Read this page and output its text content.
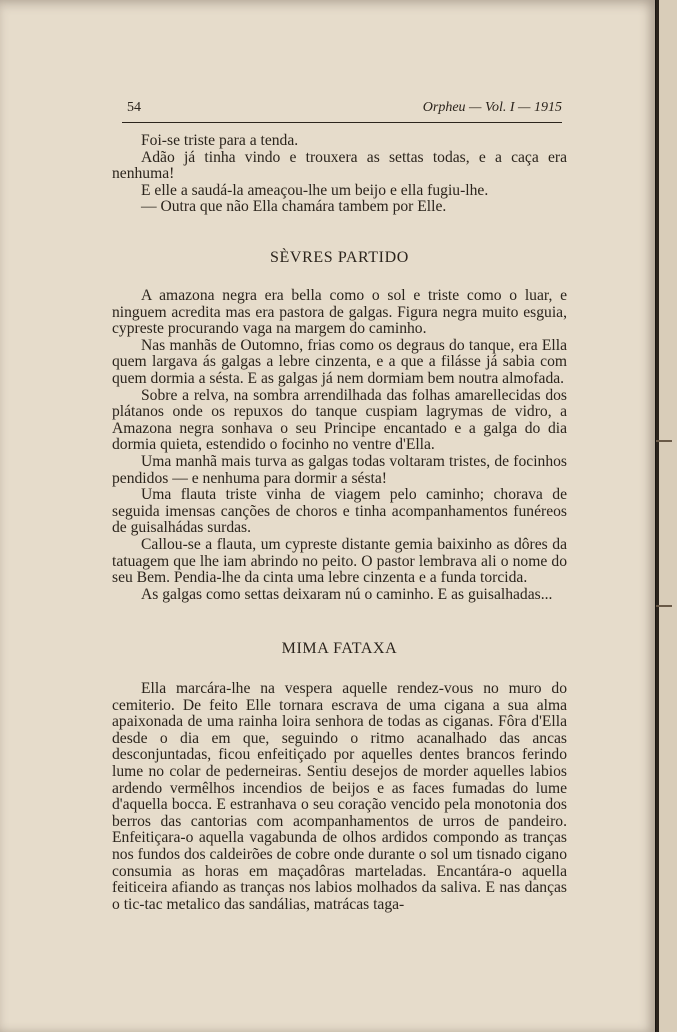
54	Orpheu — Vol. I — 1915

Foi-se triste para a tenda.

Adão já tinha vindo e trouxera as settas todas, e a caça era nenhuma!

E elle a saudá-la ameaçou-lhe um beijo e ella fugiu-lhe.

— Outra que não Ella chamára tambem por Elle.

SÈVRES PARTIDO

A amazona negra era bella como o sol e triste como o luar, e ninguem acredita mas era pastora de galgas. Figura negra muito esguia, cypreste procurando vaga na margem do caminho.

Nas manhãs de Outomno, frias como os degraus do tanque, era Ella quem largava ás galgas a lebre cinzenta, e a que a filásse já sabia com quem dormia a sésta. E as galgas já nem dormiam bem noutra almofada.

Sobre a relva, na sombra arrendilhada das folhas amarellecidas dos plátanos onde os repuxos do tanque cuspiam lagrymas de vidro, a Amazona negra sonhava o seu Principe encantado e a galga do dia dormia quieta, estendido o focinho no ventre d'Ella.

Uma manhã mais turva as galgas todas voltaram tristes, de focinhos pendidos — e nenhuma para dormir a sésta!

Uma flauta triste vinha de viagem pelo caminho; chorava de seguida imensas canções de choros e tinha acompanhamentos funéreos de guisalhádas surdas.

Callou-se a flauta, um cypreste distante gemia baixinho as dôres da tatuagem que lhe iam abrindo no peito. O pastor lembrava ali o nome do seu Bem. Pendia-lhe da cinta uma lebre cinzenta e a funda torcida.

As galgas como settas deixaram nú o caminho. E as guisalhadas...

MIMA FATAXA

Ella marcára-lhe na vespera aquelle rendez-vous no muro do cemiterio. De feito Elle tornara escrava de uma cigana a sua alma apaixonada de uma rainha loira senhora de todas as ciganas. Fôra d'Ella desde o dia em que, seguindo o ritmo acanalhado das ancas desconjuntadas, ficou enfeitiçado por aquelles dentes brancos ferindo lume no colar de pederneiras. Sentiu desejos de morder aquelles labios ardendo vermêlhos incendios de beijos e as faces fumadas do lume d'aquella bocca. E estranhava o seu coração vencido pela monotonia dos berros das cantorias com acompanhamentos de urros de pandeiro. Enfeitiçara-o aquella vagabunda de olhos ardidos compondo as tranças nos fundos dos caldeirões de cobre onde durante o sol um tisnado cigano consumia as horas em maçadôras marteladas. Encantára-o aquella feiticeira afiando as tranças nos labios molhados da saliva. E nas danças o tic-tac metalico das sandálias, matrácas taga-
